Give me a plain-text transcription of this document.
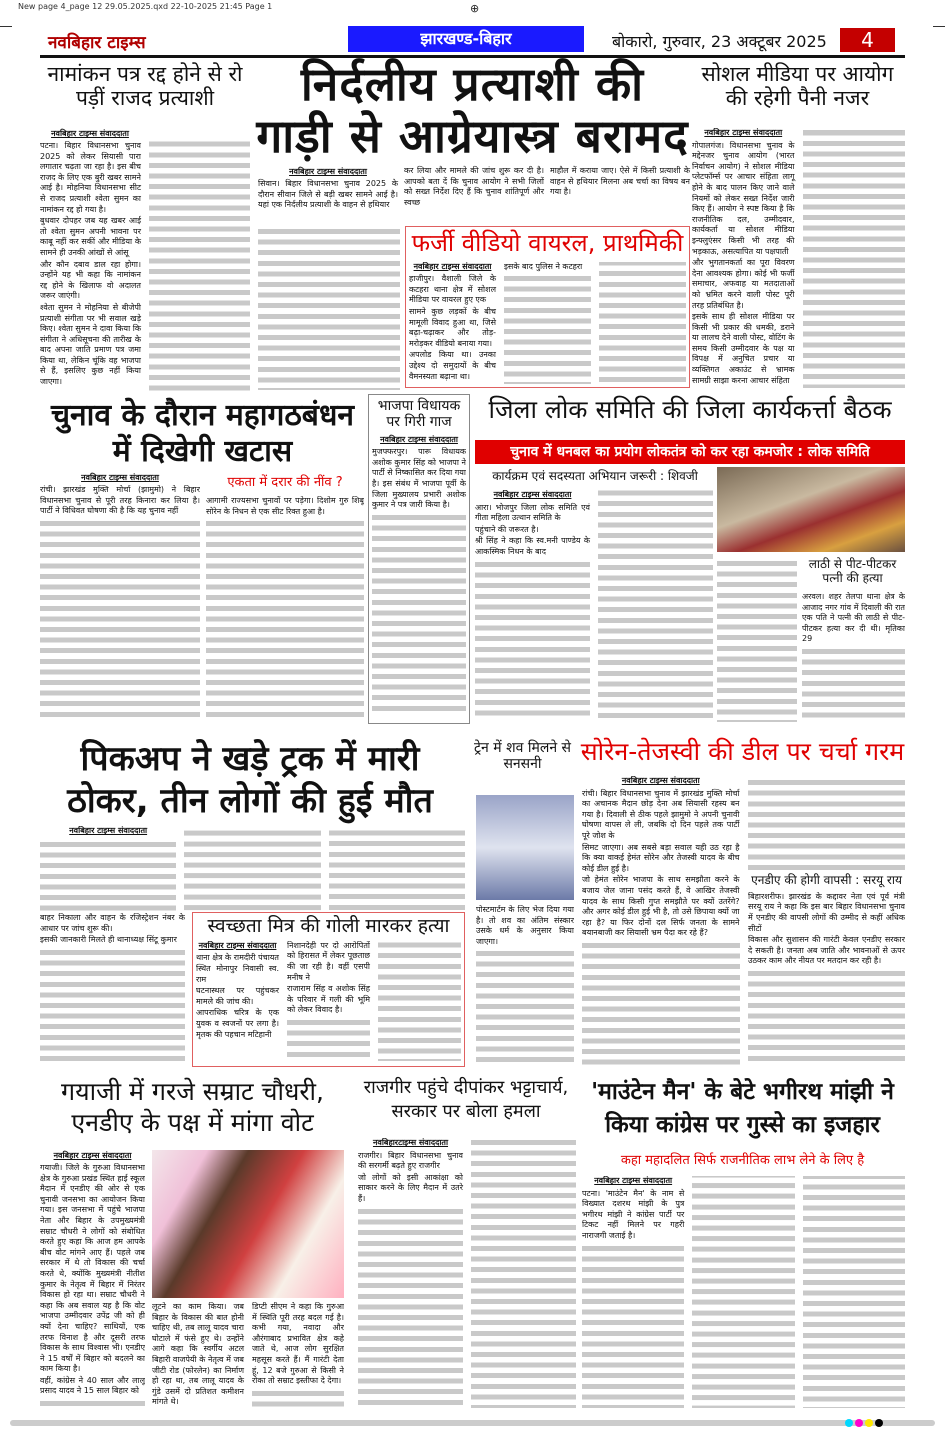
New page 4_page 12 29.05.2025.qxd 22-10-2025 21:45 Page 1	⊕
नवबिहार टाइम्स	झारखण्ड-बिहार	बोकारो, गुरुवार, 23 अक्टूबर 2025	4
नामांकन पत्र रद्द होने से रो पड़ीं राजद प्रत्याशी
नवबिहार टाइम्स संवाददाता

पटना। बिहार विधानसभा चुनाव 2025 को लेकर सियासी पारा लगातार चढ़ता जा रहा है। इस बीच राजद के लिए एक बुरी खबर सामने आई है। मोहनिया विधानसभा सीट से राजद प्रत्याशी श्वेता सुमन का नामांकन रद्द हो गया है।

बुधवार दोपहर जब यह खबर आई तो श्वेता सुमन अपनी भावना पर काबू नहीं कर सकीं और मीडिया के सामने ही उनकी आंखों से आंसू

और कौन दबाव डाल रहा होगा। उन्होंने यह भी कहा कि नामांकन रद्द होने के खिलाफ वो अदालत जरूर जाएंगी।

श्वेता सुमन ने मोहनिया से बीजेपी प्रत्याशी संगीता पर भी सवाल खड़े किए। श्वेता सुमन ने दावा किया कि संगीता ने अधिसूचना की तारीख के बाद अपना जाति प्रमाण पत्र जमा किया था, लेकिन चूंकि वह भाजपा से हैं, इसलिए कुछ नहीं किया जाएगा।

निर्दलीय प्रत्याशी की गाड़ी से आग्रेयास्त्र बरामद
नवबिहार टाइम्स संवाददाता
सिवान। बिहार विधानसभा चुनाव 2025 के दौरान सीवान जिले से बड़ी खबर सामने आई है। यहां एक निर्दलीय प्रत्याशी के वाहन से हथियार
कर लिया और मामले की जांच शुरू कर दी है। आपको बता दें कि चुनाव आयोग ने सभी जिलों को सख्त निर्देश दिए हैं कि चुनाव शांतिपूर्ण और स्वच्छ
माहौल में कराया जाए। ऐसे में किसी प्रत्याशी के वाहन से हथियार मिलना अब चर्चा का विषय बन गया है।
फर्जी वीडियो वायरल, प्राथमिकी
नवबिहार टाइम्स संवाददाता

हाजीपुर। वैशाली जिले के कटहरा थाना क्षेत्र में सोशल मीडिया पर वायरल हुए एक

सामने कुछ लड़कों के बीच मामूली विवाद हुआ था, जिसे बढ़ा-चढ़ाकर और तोड़-मरोड़कर वीडियो बनाया गया।

अपलोड किया था। उनका उद्देश्य दो समुदायों के बीच वैमनस्यता बढ़ाना था।

इसके बाद पुलिस ने कटहरा

सोशल मीडिया पर आयोग की रहेगी पैनी नजर
नवबिहार टाइम्स संवाददाता

गोपालगंज। विधानसभा चुनाव के मद्देनजर चुनाव आयोग (भारत निर्वाचन आयोग) ने सोशल मीडिया प्लेटफॉर्म्स पर आचार संहिता लागू होने के बाद पालन किए जाने वाले नियमों को लेकर सख्त निर्देश जारी किए हैं। आयोग ने स्पष्ट किया है कि राजनीतिक दल, उम्मीदवार, कार्यकर्ता या सोशल मीडिया इन्फ्लुएंसर किसी भी तरह की भड़काऊ, असत्यापित या पक्षपाती

और भुगतानकर्ता का पूरा विवरण देना आवश्यक होगा। कोई भी फर्जी समाचार, अफवाह या मतदाताओं को भ्रमित करने वाली पोस्ट पूरी तरह प्रतिबंधित है।

इसके साथ ही सोशल मीडिया पर किसी भी प्रकार की धमकी, डराने या लालच देने वाली पोस्ट, वोटिंग के समय किसी उम्मीदवार के पक्ष या विपक्ष में अनुचित प्रचार या व्यक्तिगत अकाउंट से भ्रामक सामग्री साझा करना आचार संहिता

चुनाव के दौरान महागठबंधन में दिखेगी खटास
नवबिहार टाइम्स संवाददाता

रांची। झारखंड मुक्ति मोर्चा (झामुमो) ने बिहार विधानसभा चुनाव से पूरी तरह किनारा कर लिया है। पार्टी ने विधिवत घोषणा की है कि यह चुनाव नहीं

एकता में दरार की नींव ?

आगामी राज्यसभा चुनावों पर पड़ेगा। दिशोम गुरु शिबू सोरेन के निधन से एक सीट रिक्त हुआ है।

भाजपा विधायक पर गिरी गाज
नवबिहार टाइम्स संवाददाता

मुजफ्फरपुर। पारू विधायक अशोक कुमार सिंह को भाजपा ने पार्टी से निष्कासित कर दिया गया है। इस संबंध में भाजपा पूर्वी के जिला मुख्यालय प्रभारी अशोक कुमार ने पत्र जारी किया है।

जिला लोक समिति की जिला कार्यकर्त्ता बैठक
चुनाव में धनबल का प्रयोग लोकतंत्र को कर रहा कमजोर : लोक समिति
कार्यक्रम एवं सदस्यता अभियान जरूरी : शिवजी
नवबिहार टाइम्स संवाददाता

आरा। भोजपुर जिला लोक समिति एवं गीता महिला उत्थान समिति के

पहुंचाने की जरूरत है।

श्री सिंह ने कहा कि स्व.मनी पाण्डेय के आकस्मिक निधन के बाद

लाठी से पीट-पीटकर पत्नी की हत्या

अरवल। शहर तेलपा थाना क्षेत्र के आजाद नगर गांव में दिवाली की रात एक पति ने पत्नी की लाठी से पीट-पीटकर हत्या कर दी थी। मृतिका 29

पिकअप ने खड़े ट्रक में मारी ठोकर, तीन लोगों की हुई मौत
नवबिहार टाइम्स संवाददाता

बाहर निकाला और वाहन के रजिस्ट्रेशन नंबर के आधार पर जांच शुरू की।

इसकी जानकारी मिलते ही थानाध्यक्ष सिंटू कुमार

स्वच्छता मित्र की गोली मारकर हत्या
नवबिहार टाइम्स संवाददाता

थाना क्षेत्र के रामदीरी पंचायत स्थित मोनापुर निवासी स्व. राम

घटनास्थल पर पहुंचकर मामले की जांच की।

आपराधिक चरित्र के एक युवक व स्वजनों पर लगा है। मृतक की पहचान मटिहानी

निशानदेही पर दो आरोपितों को हिरासत में लेकर पूछताछ की जा रही है। वहीं एसपी मनीष ने

राजाराम सिंह व अशोक सिंह के परिवार में गली की भूमि को लेकर विवाद है।

ट्रेन में शव मिलने से सनसनी

पोस्टमार्टम के लिए भेज दिया गया है। तो शव का अंतिम संस्कार उसके धर्म के अनुसार किया जाएगा।

सोरेन-तेजस्वी की डील पर चर्चा गरम
नवबिहार टाइम्स संवाददाता

रांची। बिहार विधानसभा चुनाव में झारखंड मुक्ति मोर्चा का अचानक मैदान छोड़ देना अब सियासी रहस्य बन गया है। दिवाली से ठीक पहले झामुमो ने अपनी चुनावी घोषणा वापस ले ली, जबकि दो दिन पहले तक पार्टी पूरे जोश के

सिमट जाएगा। अब सबसे बड़ा सवाल यही उठ रहा है कि क्या वाकई हेमंत सोरेन और तेजस्वी यादव के बीच कोई डील हुई है।

जो हेमंत सोरेन भाजपा के साथ समझौता करने के बजाय जेल जाना पसंद करते हैं, वे आखिर तेजस्वी यादव के साथ किसी गुप्त समझौते पर क्यों उतरेंगे? और अगर कोई डील हुई भी है, तो उसे छिपाया क्यों जा रहा है? या फिर दोनों दल सिर्फ जनता के सामने बयानबाजी कर सियासी भ्रम पैदा कर रहे हैं?

एनडीए की होगी वापसी : सरयू राय

बिहारशरीफ। झारखंड के कद्दावर नेता एवं पूर्व मंत्री सरयू राय ने कहा कि इस बार बिहार विधानसभा चुनाव में एनडीए की वापसी लोगों की उम्मीद से कहीं अधिक सीटों

विकास और सुशासन की गारंटी केवल एनडीए सरकार दे सकती है। जनता अब जाति और भावनाओं से ऊपर उठकर काम और नीयत पर मतदान कर रही है।

गयाजी में गरजे सम्राट चौधरी, एनडीए के पक्ष में मांगा वोट
नवबिहार टाइम्स संवाददाता

गयाजी। जिले के गुरुआ विधानसभा क्षेत्र के गुरुआ प्रखंड स्थित हाई स्कूल मैदान में एनडीए की ओर से एक चुनावी जनसभा का आयोजन किया गया। इस जनसभा में पहुंचे भाजपा नेता और बिहार के उपमुख्यमंत्री सम्राट चौधरी ने लोगों को संबोधित करते हुए कहा कि आज हम आपके बीच वोट मांगने आए हैं। पहले जब सरकार में थे तो विकास की चर्चा करते थे, क्योंकि मुख्यमंत्री नीतीश कुमार के नेतृत्व में बिहार में निरंतर विकास हो रहा था। सम्राट चौधरी ने कहा कि अब सवाल यह है कि वोट भाजपा उम्मीदवार उपेंद्र जी को ही क्यों देना चाहिए? साथियों, एक तरफ विनाश है और दूसरी तरफ विकास के साथ विश्वास भी। एनडीए ने 15 वर्षों में बिहार को बदलने का काम किया है।

वहीं, कांग्रेस ने 40 साल और लालू प्रसाद यादव ने 15 साल बिहार को

लूटने का काम किया। जब बिहार के विकास की बात होनी चाहिए थी, तब लालू यादव चारा घोटाले में फंसे हुए थे। उन्होंने आगे कहा कि स्वर्गीय अटल बिहारी वाजपेयी के नेतृत्व में जब जीटी रोड (फोरलेन) का निर्माण हो रहा था, तब लालू यादव के गुंडे उसमें दो प्रतिशत कमीशन मांगते थे।

डिप्टी सीएम ने कहा कि गुरुआ में स्थिति पूरी तरह बदल गई है। कभी गया, नवादा और औरंगाबाद प्रभावित क्षेत्र कहे जाते थे, आज लोग सुरक्षित महसूस करते हैं। मैं गारंटी देता हूं, 12 बजे गुरुआ से किसी ने रोका तो सम्राट इस्तीफा दे देगा।

राजगीर पहुंचे दीपांकर भट्टाचार्य, सरकार पर बोला हमला
नवबिहारटाइम्स संवाददाता

राजगीर। बिहार विधानसभा चुनाव की सरगर्मी बढ़ते हुए राजगीर

जो लोगों को इसी आकांक्षा को साकार करने के लिए मैदान में उतरे हैं।

'माउंटेन मैन' के बेटे भगीरथ मांझी ने किया कांग्रेस पर गुस्से का इजहार
कहा महादलित सिर्फ राजनीतिक लाभ लेने के लिए है
नवबिहार टाइम्स संवाददाता

पटना। 'माउंटेन मैन' के नाम से विख्यात दशरथ मांझी के पुत्र भगीरथ मांझी ने कांग्रेस पार्टी पर टिकट नहीं मिलने पर गहरी नाराजगी जताई है।
